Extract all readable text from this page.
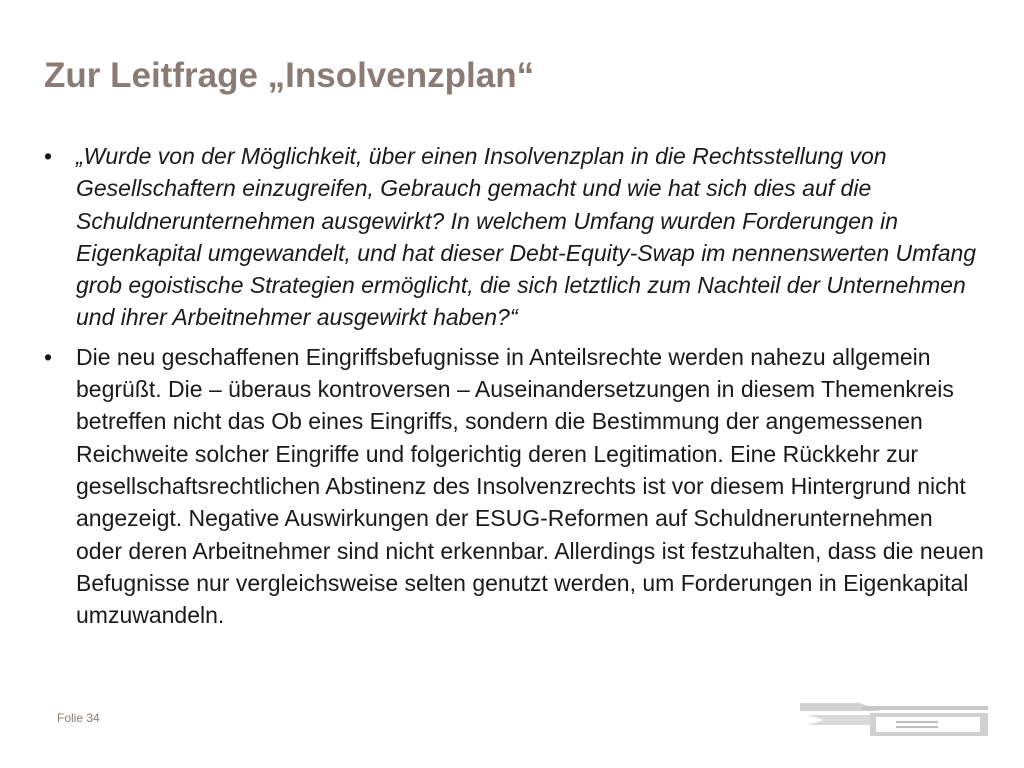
Zur Leitfrage „Insolvenzplan“
•	„Wurde von der Möglichkeit, über einen Insolvenzplan in die Rechtsstellung von Gesellschaftern einzugreifen, Gebrauch gemacht und wie hat sich dies auf die Schuldnerunternehmen ausgewirkt? In welchem Umfang wurden Forderungen in Eigenkapital umgewandelt, und hat dieser Debt-Equity-Swap im nennenswerten Umfang grob egoistische Strategien ermöglicht, die sich letztlich zum Nachteil der Unternehmen und ihrer Arbeitnehmer ausgewirkt haben?“
•	Die neu geschaffenen Eingriffsbefugnisse in Anteilsrechte werden nahezu allgemein begrüßt. Die – überaus kontroversen – Auseinandersetzungen in diesem Themenkreis betreffen nicht das Ob eines Eingriffs, sondern die Bestimmung der angemessenen Reichweite solcher Eingriffe und folgerichtig deren Legitimation. Eine Rückkehr zur gesellschaftsrechtlichen Abstinenz des Insolvenzrechts ist vor diesem Hintergrund nicht angezeigt. Negative Auswirkungen der ESUG-Reformen auf Schuldnerunternehmen oder deren Arbeitnehmer sind nicht erkennbar. Allerdings ist festzuhalten, dass die neuen Befugnisse nur vergleichsweise selten genutzt werden, um Forderungen in Eigenkapital umzuwandeln.
Folie 34
